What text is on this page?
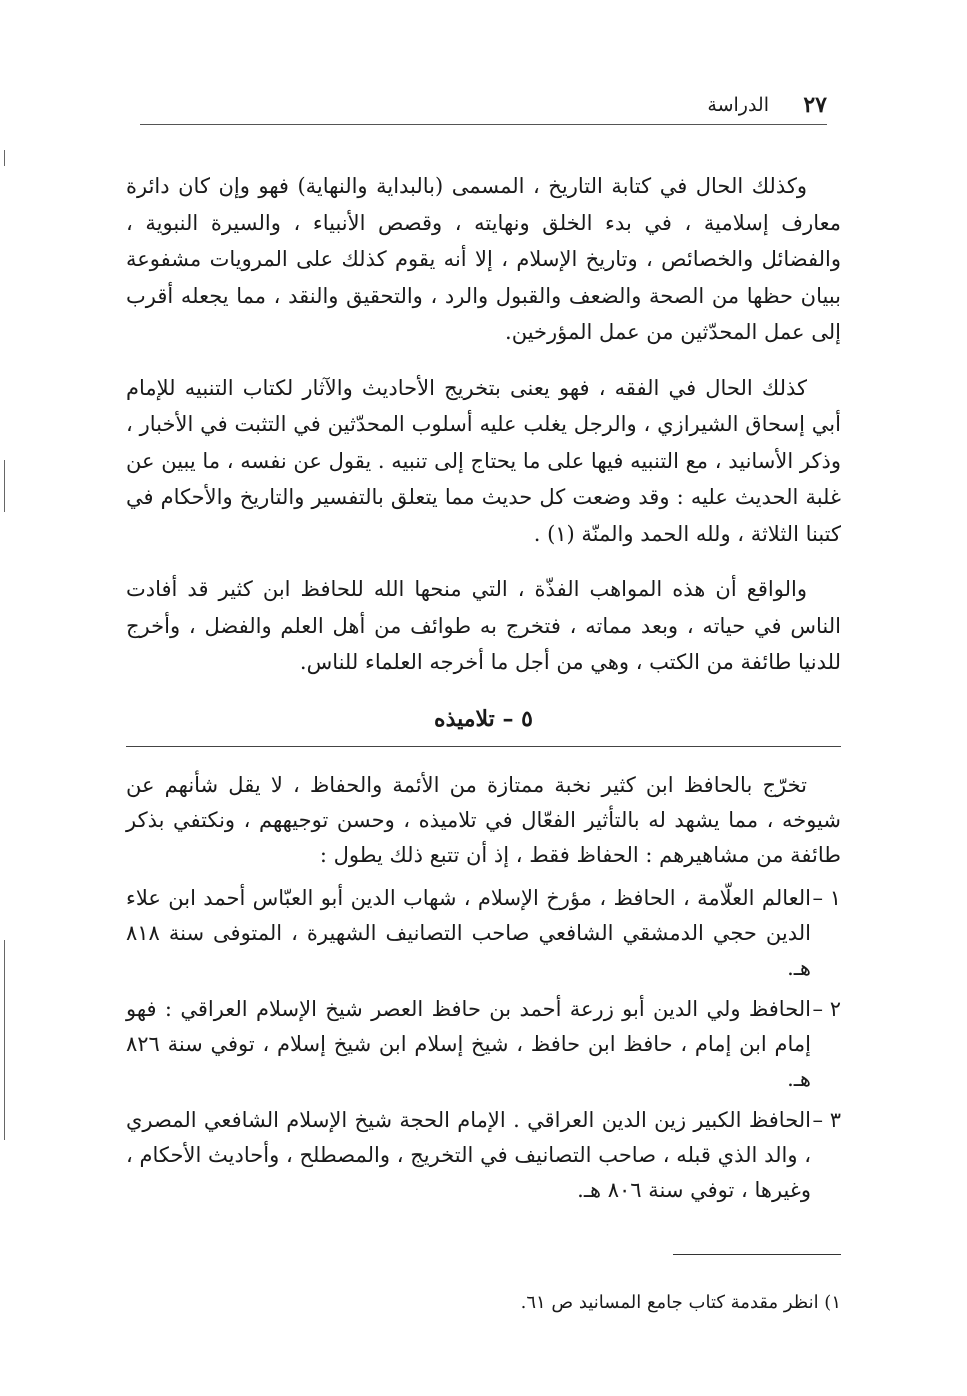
٢٧
الدراسة

وكذلك الحال في كتابة التاريخ ، المسمى (بالبداية والنهاية) فهو وإن كان دائرة معارف إسلامية ، في بدء الخلق ونهايته ، وقصص الأنبياء ، والسيرة النبوية ، والفضائل والخصائص ، وتاريخ الإسلام ، إلا أنه يقوم كذلك على المرويات مشفوعة ببيان حظها من الصحة والضعف والقبول والرد ، والتحقيق والنقد ، مما يجعله أقرب إلى عمل المحدّثين من عمل المؤرخين.

كذلك الحال في الفقه ، فهو يعنى بتخريج الأحاديث والآثار لكتاب التنبيه للإمام أبي إسحاق الشيرازي ، والرجل يغلب عليه أسلوب المحدّثين في التثبت في الأخبار ، وذكر الأسانيد ، مع التنبيه فيها على ما يحتاج إلى تنبيه . يقول عن نفسه ، ما يبين عن غلبة الحديث عليه : وقد وضعت كل حديث مما يتعلق بالتفسير والتاريخ والأحكام في كتبنا الثلاثة ، ولله الحمد والمنّة (١) .

والواقع أن هذه المواهب الفذّة ، التي منحها الله للحافظ ابن كثير قد أفادت الناس في حياته ، وبعد مماته ، فتخرج به طوائف من أهل العلم والفضل ، وأخرج للدنيا طائفة من الكتب ، وهي من أجل ما أخرجه العلماء للناس.

٥ – تلاميذه

تخرّج بالحافظ ابن كثير نخبة ممتازة من الأئمة والحفاظ ، لا يقل شأنهم عن شيوخه ، مما يشهد له بالتأثير الفعّال في تلاميذه ، وحسن توجيههم ، ونكتفي بذكر طائفة من مشاهيرهم : الحفاظ فقط ، إذ أن تتبع ذلك يطول :

١ –
العالم العلّامة ، الحافظ ، مؤرخ الإسلام ، شهاب الدين أبو العبّاس أحمد ابن علاء الدين حجي الدمشقي الشافعي صاحب التصانيف الشهيرة ، المتوفى سنة ٨١٨ هـ.
٢ –
الحافظ ولي الدين أبو زرعة أحمد بن حافظ العصر شيخ الإسلام العراقي : فهو إمام ابن إمام ، حافظ ابن حافظ ، شيخ إسلام ابن شيخ إسلام ، توفي سنة ٨٢٦ هـ.
٣ –
الحافظ الكبير زين الدين العراقي . الإمام الحجة شيخ الإسلام الشافعي المصري ، والد الذي قبله ، صاحب التصانيف في التخريج ، والمصطلح ، وأحاديث الأحكام ، وغيرها ، توفي سنة ٨٠٦ هـ.
١) انظر مقدمة كتاب جامع المسانيد ص ٦١.
